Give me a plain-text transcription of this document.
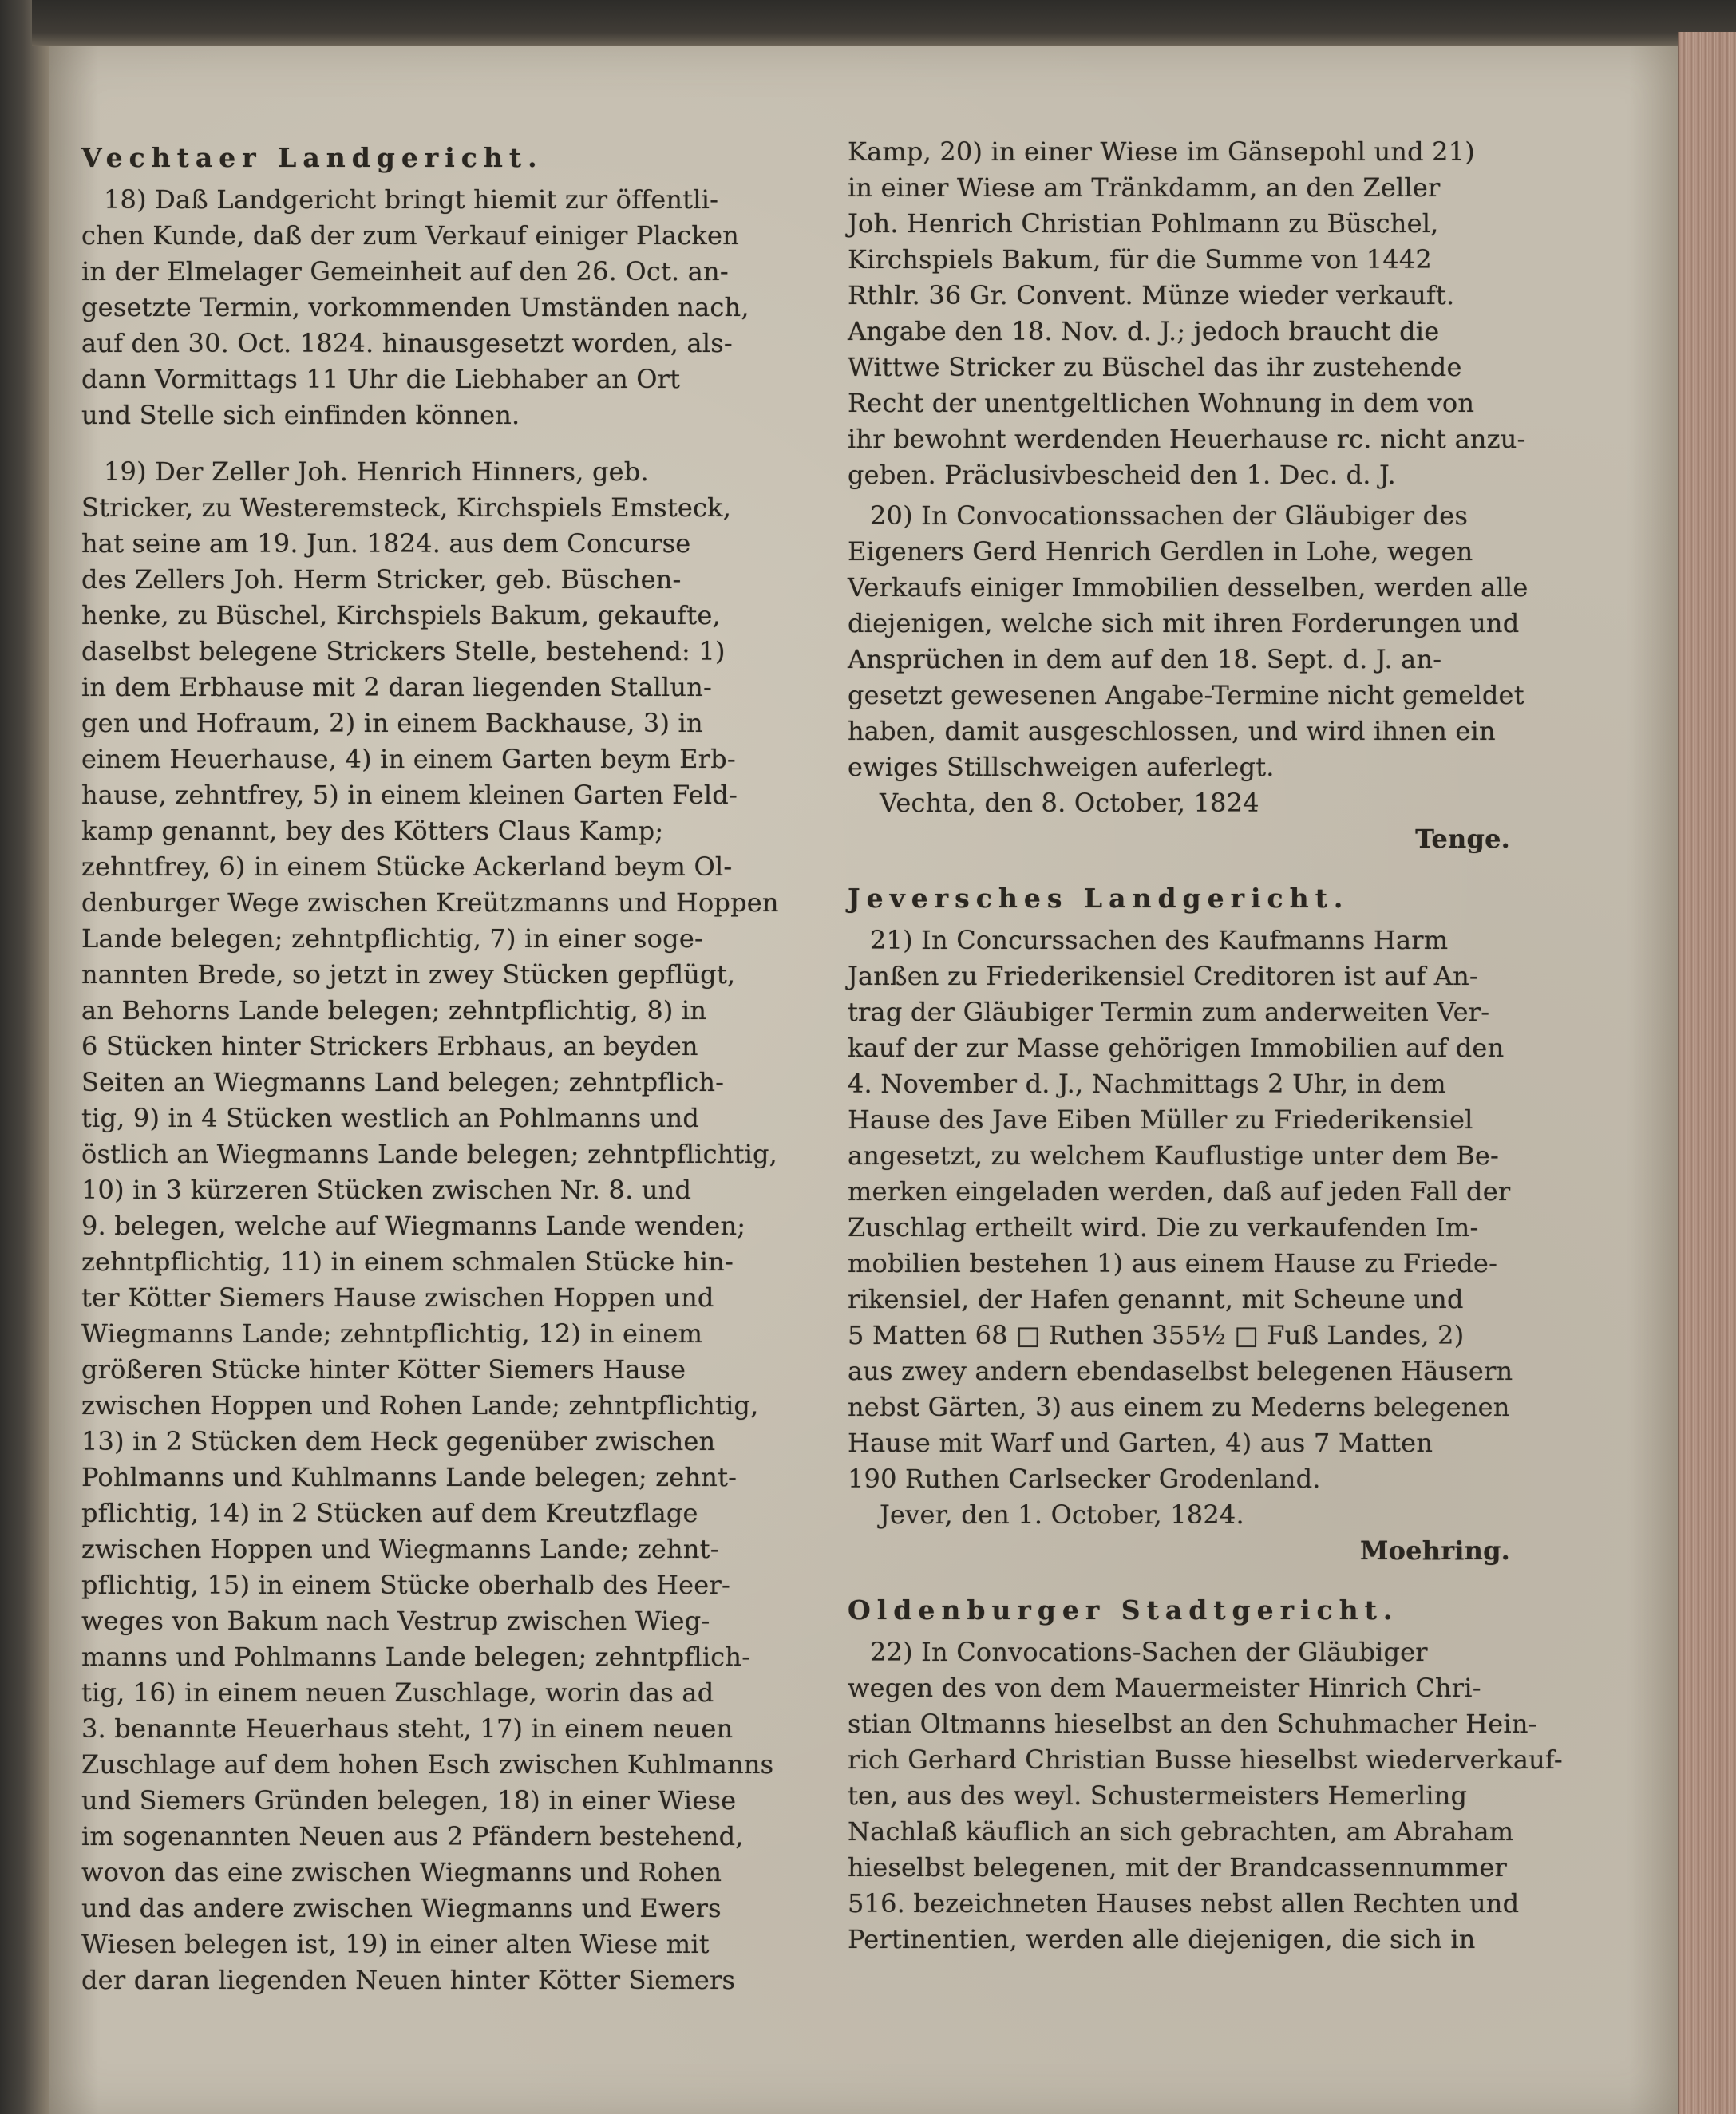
Vechtaer Landgericht.
18) Daß Landgericht bringt hiemit zur öffentli-
chen Kunde, daß der zum Verkauf einiger Placken
in der Elmelager Gemeinheit auf den 26. Oct. an-
gesetzte Termin, vorkommenden Umständen nach,
auf den 30. Oct. 1824. hinausgesetzt worden, als-
dann Vormittags 11 Uhr die Liebhaber an Ort
und Stelle sich einfinden können.
19) Der Zeller Joh. Henrich Hinners, geb.
Stricker, zu Westeremsteck, Kirchspiels Emsteck,
hat seine am 19. Jun. 1824. aus dem Concurse
des Zellers Joh. Herm Stricker, geb. Büschen-
henke, zu Büschel, Kirchspiels Bakum, gekaufte,
daselbst belegene Strickers Stelle, bestehend: 1)
in dem Erbhause mit 2 daran liegenden Stallun-
gen und Hofraum, 2) in einem Backhause, 3) in
einem Heuerhause, 4) in einem Garten beym Erb-
hause, zehntfrey, 5) in einem kleinen Garten Feld-
kamp genannt, bey des Kötters Claus Kamp;
zehntfrey, 6) in einem Stücke Ackerland beym Ol-
denburger Wege zwischen Kreützmanns und Hoppen
Lande belegen; zehntpflichtig, 7) in einer soge-
nannten Brede, so jetzt in zwey Stücken gepflügt,
an Behorns Lande belegen; zehntpflichtig, 8) in
6 Stücken hinter Strickers Erbhaus, an beyden
Seiten an Wiegmanns Land belegen; zehntpflich-
tig, 9) in 4 Stücken westlich an Pohlmanns und
östlich an Wiegmanns Lande belegen; zehntpflichtig,
10) in 3 kürzeren Stücken zwischen Nr. 8. und
9. belegen, welche auf Wiegmanns Lande wenden;
zehntpflichtig, 11) in einem schmalen Stücke hin-
ter Kötter Siemers Hause zwischen Hoppen und
Wiegmanns Lande; zehntpflichtig, 12) in einem
größeren Stücke hinter Kötter Siemers Hause
zwischen Hoppen und Rohen Lande; zehntpflichtig,
13) in 2 Stücken dem Heck gegenüber zwischen
Pohlmanns und Kuhlmanns Lande belegen; zehnt-
pflichtig, 14) in 2 Stücken auf dem Kreutzflage
zwischen Hoppen und Wiegmanns Lande; zehnt-
pflichtig, 15) in einem Stücke oberhalb des Heer-
weges von Bakum nach Vestrup zwischen Wieg-
manns und Pohlmanns Lande belegen; zehntpflich-
tig, 16) in einem neuen Zuschlage, worin das ad
3. benannte Heuerhaus steht, 17) in einem neuen
Zuschlage auf dem hohen Esch zwischen Kuhlmanns
und Siemers Gründen belegen, 18) in einer Wiese
im sogenannten Neuen aus 2 Pfändern bestehend,
wovon das eine zwischen Wiegmanns und Rohen
und das andere zwischen Wiegmanns und Ewers
Wiesen belegen ist, 19) in einer alten Wiese mit
der daran liegenden Neuen hinter Kötter Siemers
Kamp, 20) in einer Wiese im Gänsepohl und 21)
in einer Wiese am Tränkdamm, an den Zeller
Joh. Henrich Christian Pohlmann zu Büschel,
Kirchspiels Bakum, für die Summe von 1442
Rthlr. 36 Gr. Convent. Münze wieder verkauft.
Angabe den 18. Nov. d. J.; jedoch braucht die
Wittwe Stricker zu Büschel das ihr zustehende
Recht der unentgeltlichen Wohnung in dem von
ihr bewohnt werdenden Heuerhause rc. nicht anzu-
geben. Präclusivbescheid den 1. Dec. d. J.
20) In Convocationssachen der Gläubiger des
Eigeners Gerd Henrich Gerdlen in Lohe, wegen
Verkaufs einiger Immobilien desselben, werden alle
diejenigen, welche sich mit ihren Forderungen und
Ansprüchen in dem auf den 18. Sept. d. J. an-
gesetzt gewesenen Angabe-Termine nicht gemeldet
haben, damit ausgeschlossen, und wird ihnen ein
ewiges Stillschweigen auferlegt.
Vechta, den 8. October, 1824
Tenge.
Jeversches Landgericht.
21) In Concurssachen des Kaufmanns Harm
Janßen zu Friederikensiel Creditoren ist auf An-
trag der Gläubiger Termin zum anderweiten Ver-
kauf der zur Masse gehörigen Immobilien auf den
4. November d. J., Nachmittags 2 Uhr, in dem
Hause des Jave Eiben Müller zu Friederikensiel
angesetzt, zu welchem Kauflustige unter dem Be-
merken eingeladen werden, daß auf jeden Fall der
Zuschlag ertheilt wird. Die zu verkaufenden Im-
mobilien bestehen 1) aus einem Hause zu Friede-
rikensiel, der Hafen genannt, mit Scheune und
5 Matten 68 □ Ruthen 355½ □ Fuß Landes, 2)
aus zwey andern ebendaselbst belegenen Häusern
nebst Gärten, 3) aus einem zu Mederns belegenen
Hause mit Warf und Garten, 4) aus 7 Matten
190 Ruthen Carlsecker Grodenland.
Jever, den 1. October, 1824.
Moehring.
Oldenburger Stadtgericht.
22) In Convocations-Sachen der Gläubiger
wegen des von dem Mauermeister Hinrich Chri-
stian Oltmanns hieselbst an den Schuhmacher Hein-
rich Gerhard Christian Busse hieselbst wiederverkauf-
ten, aus des weyl. Schustermeisters Hemerling
Nachlaß käuflich an sich gebrachten, am Abraham
hieselbst belegenen, mit der Brandcassennummer
516. bezeichneten Hauses nebst allen Rechten und
Pertinentien, werden alle diejenigen, die sich in
